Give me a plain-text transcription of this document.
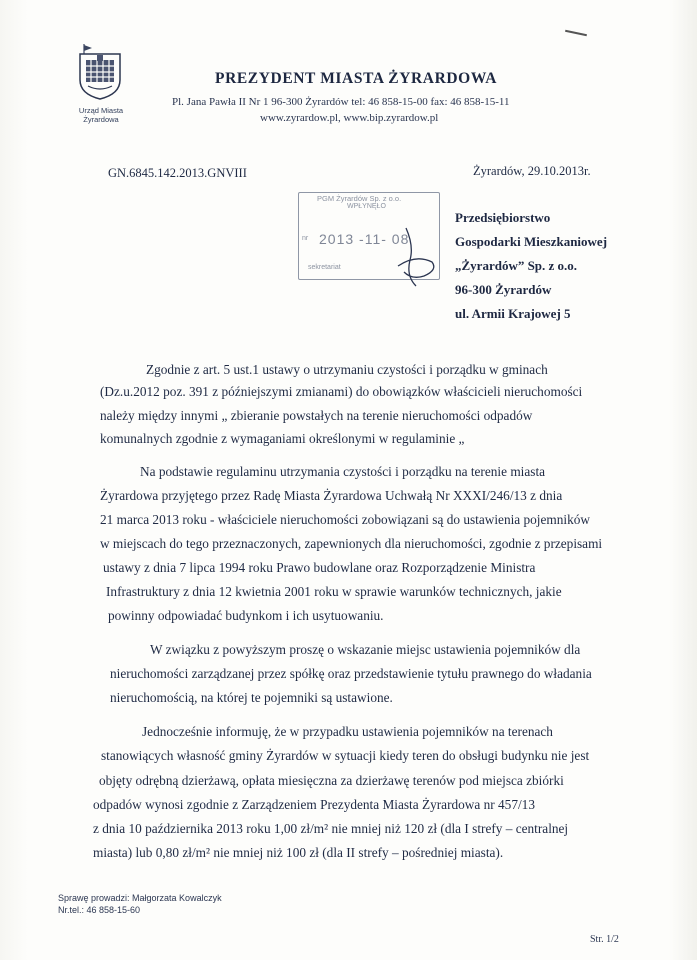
Urząd Miasta
Żyrardowa
PREZYDENT MIASTA ŻYRARDOWA
Pl. Jana Pawła II Nr 1 96-300 Żyrardów tel: 46 858-15-00 fax: 46 858-15-11
www.zyrardow.pl, www.bip.zyrardow.pl
GN.6845.142.2013.GNVIII	Żyrardów, 29.10.2013r.
PGM Żyrardów Sp. z o.o.
WPŁYNĘŁO
nr 2013 -11- 08
sekretariat
Przedsiębiorstwo
Gospodarki Mieszkaniowej
„Żyrardów” Sp. z o.o.
96-300 Żyrardów
ul. Armii Krajowej 5
Zgodnie z art. 5 ust.1 ustawy o utrzymaniu czystości i porządku w gminach
(Dz.u.2012 poz. 391 z późniejszymi zmianami) do obowiązków właścicieli nieruchomości
należy między innymi „ zbieranie powstałych na terenie nieruchomości odpadów
komunalnych zgodnie z wymaganiami określonymi w regulaminie „
Na podstawie regulaminu utrzymania czystości i porządku na terenie miasta
Żyrardowa przyjętego przez Radę Miasta Żyrardowa Uchwałą Nr XXXI/246/13 z dnia
21 marca 2013 roku - właściciele nieruchomości zobowiązani są do ustawienia pojemników
w miejscach do tego przeznaczonych, zapewnionych dla nieruchomości, zgodnie z przepisami
ustawy z dnia 7 lipca 1994 roku Prawo budowlane oraz Rozporządzenie Ministra
Infrastruktury z dnia 12 kwietnia 2001 roku w sprawie warunków technicznych, jakie
powinny odpowiadać budynkom i ich usytuowaniu.
W związku z powyższym proszę o wskazanie miejsc ustawienia pojemników dla
nieruchomości zarządzanej przez spółkę oraz przedstawienie tytułu prawnego do władania
nieruchomością, na której te pojemniki są ustawione.
Jednocześnie informuję, że w przypadku ustawienia pojemników na terenach
stanowiących własność gminy Żyrardów w sytuacji kiedy teren do obsługi budynku nie jest
objęty odrębną dzierżawą, opłata miesięczna za dzierżawę terenów pod miejsca zbiórki
odpadów wynosi zgodnie z Zarządzeniem Prezydenta Miasta Żyrardowa nr 457/13
z dnia 10 października 2013 roku 1,00 zł/m² nie mniej niż 120 zł (dla I strefy – centralnej
miasta) lub 0,80 zł/m² nie mniej niż 100 zł (dla II strefy – pośredniej miasta).
Sprawę prowadzi: Małgorzata Kowalczyk
Nr.tel.: 46 858-15-60
Str. 1/2
